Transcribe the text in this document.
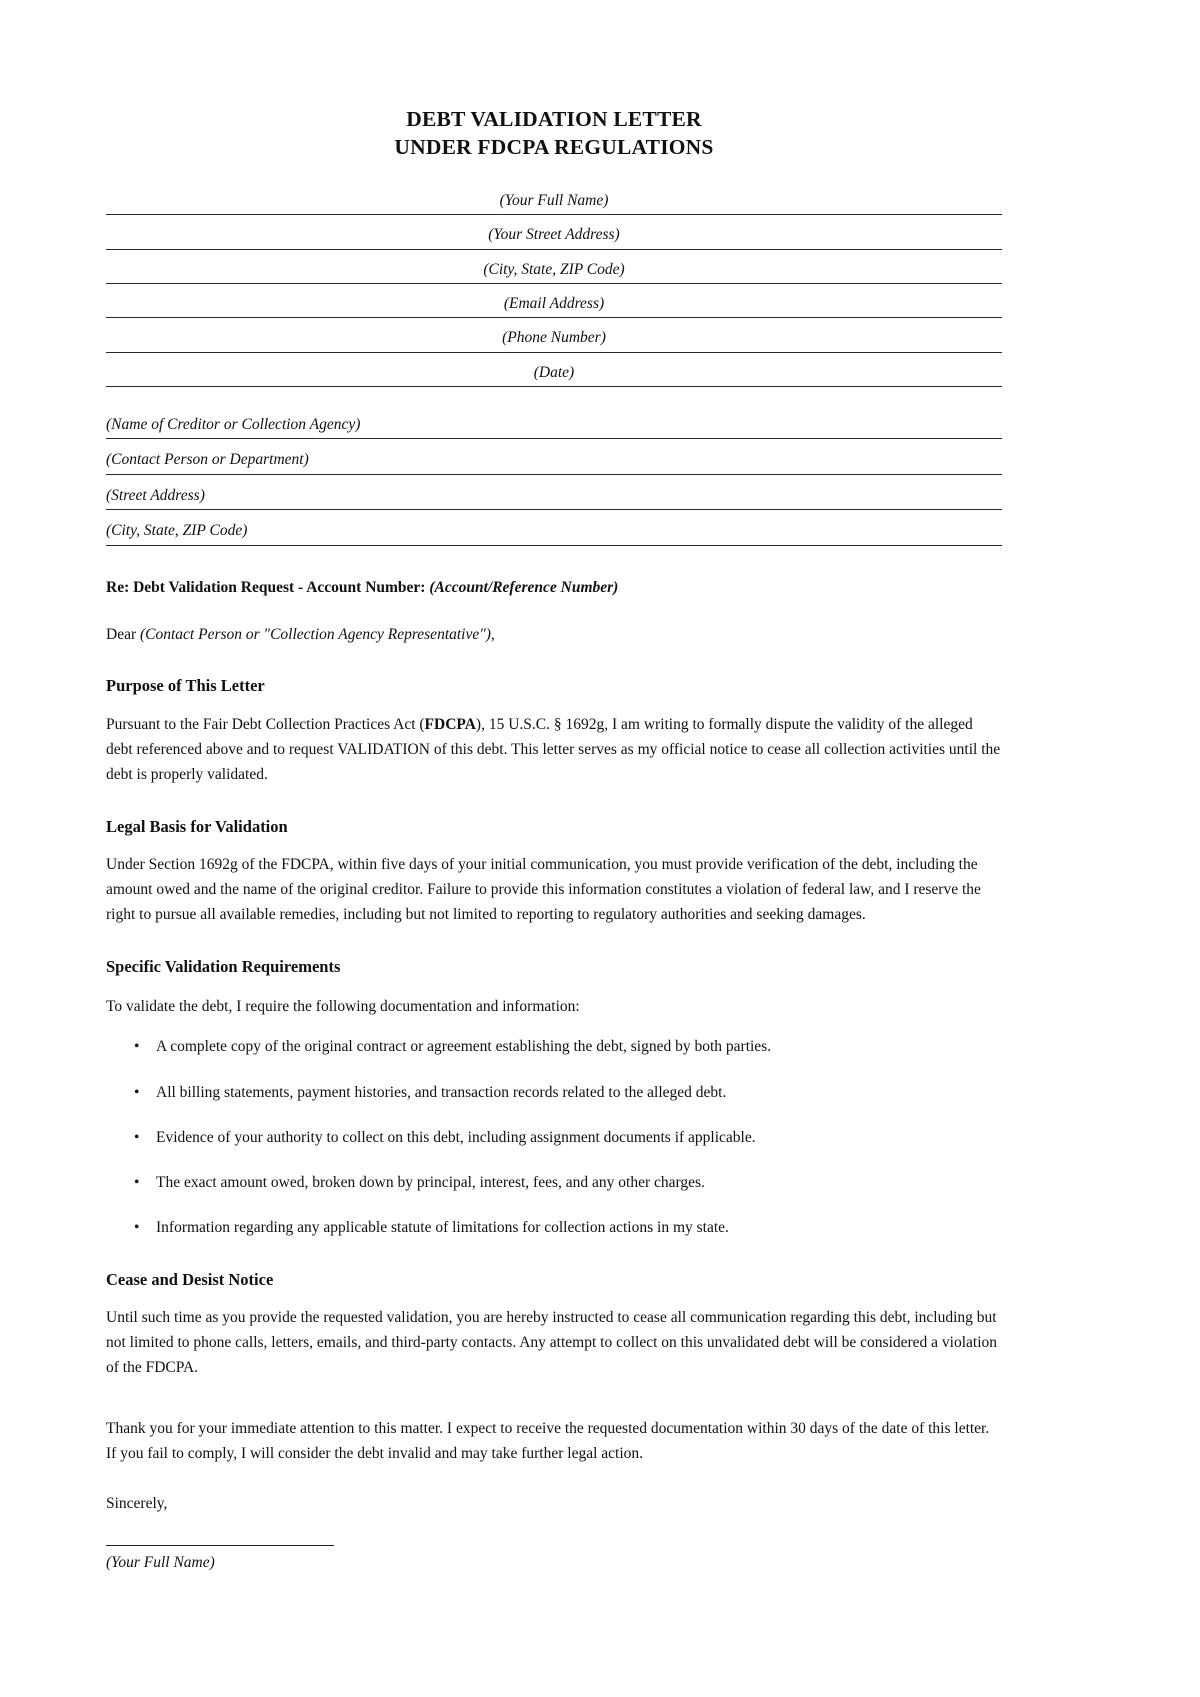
DEBT VALIDATION LETTER
UNDER FDCPA REGULATIONS
(Your Full Name)
(Your Street Address)
(City, State, ZIP Code)
(Email Address)
(Phone Number)
(Date)
(Name of Creditor or Collection Agency)
(Contact Person or Department)
(Street Address)
(City, State, ZIP Code)

Re: Debt Validation Request - Account Number: (Account/Reference Number)

Dear (Contact Person or "Collection Agency Representative"),

Purpose of This Letter

Pursuant to the Fair Debt Collection Practices Act (FDCPA), 15 U.S.C. § 1692g, I am writing to formally dispute the validity of the alleged debt referenced above and to request VALIDATION of this debt. This letter serves as my official notice to cease all collection activities until the debt is properly validated.

Legal Basis for Validation

Under Section 1692g of the FDCPA, within five days of your initial communication, you must provide verification of the debt, including the amount owed and the name of the original creditor. Failure to provide this information constitutes a violation of federal law, and I reserve the right to pursue all available remedies, including but not limited to reporting to regulatory authorities and seeking damages.

Specific Validation Requirements

To validate the debt, I require the following documentation and information:

• A complete copy of the original contract or agreement establishing the debt, signed by both parties.
• All billing statements, payment histories, and transaction records related to the alleged debt.
• Evidence of your authority to collect on this debt, including assignment documents if applicable.
• The exact amount owed, broken down by principal, interest, fees, and any other charges.
• Information regarding any applicable statute of limitations for collection actions in my state.
Cease and Desist Notice

Until such time as you provide the requested validation, you are hereby instructed to cease all communication regarding this debt, including but not limited to phone calls, letters, emails, and third-party contacts. Any attempt to collect on this unvalidated debt will be considered a violation of the FDCPA.

Thank you for your immediate attention to this matter. I expect to receive the requested documentation within 30 days of the date of this letter. If you fail to comply, I will consider the debt invalid and may take further legal action.

Sincerely,

(Your Full Name)
